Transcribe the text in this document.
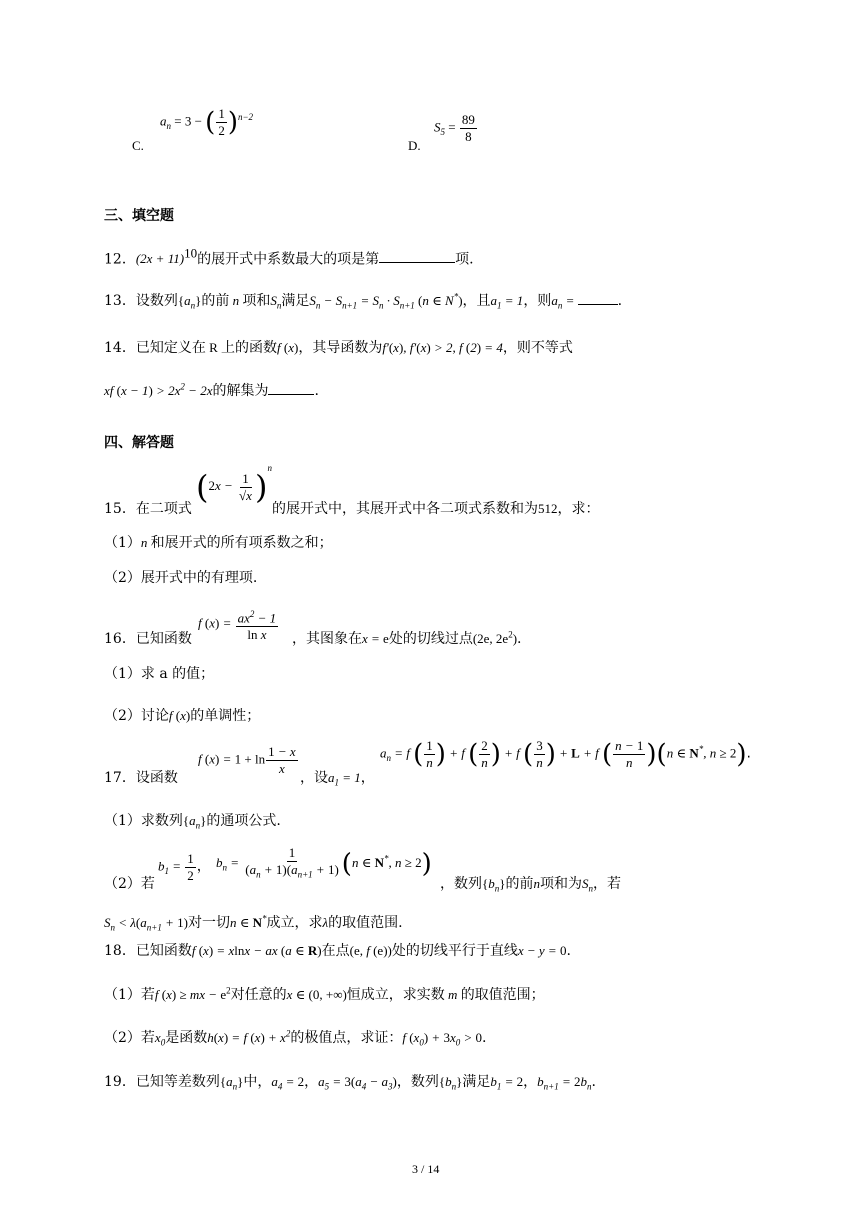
C.
$a_n = 3$ − ( $\frac{1}{2} )^{n-2}$
D.
$S_5 = \frac{89}{8}$
三、填空题
12．$(2x + 11)^{10}$的展开式中系数最大的项是第	项.
13．设数列$\{a_n\}$的前 n 项和$S_n$满足$S_n - S_{n+1} = S_n \cdot S_{n+1}$ (n ∈ N*)，且$a_1 = 1$，则$a_n$ =	.
14．已知定义在 R 上的函数f (x)，其导函数为f′(x), f′(x) > 2, f (2) = 4，则不等式
xf $(x - 1) > 2x^2 - 2x$的解集为	.
四、解答题
15．在二项式
$(2x - \frac{1}{√x} )^n$
的展开式中，其展开式中各二项式系数和为512，求：
（1）n 和展开式的所有项系数之和；
（2）展开式中的有理项.
16．已知函数
f $(x) = \frac{ax^2 - 1}{\text{ln x}}$ ，其图象在x = e处的切线过点(2e, $2e^2$).
（1）求 a 的值；
（2）讨论f (x)的单调性；
17．设函数
f $(x) = 1 + \ln \frac{1 - x}{x}$
，设$a_1 = 1$，
$a_n = f$ ( $\frac{1}{n}$ ) + f ( $\frac{2}{n}$ ) + f ( $\frac{3}{n}$ ) + L + f ( $\frac{n - 1}{n} )(n$ ∈ N*, n ≥ 2).
（1）求数列$\{a_n\}$的通项公式.
（2）若
$b_1 = \frac{1}{2}$ ， $b_n = \frac{1}{(a_n + 1)(a_{n+1} + 1)} (n$ ∈ N*, n ≥ 2)
，数列$\{b_n\}$的前n项和为$S_n$，若
$S_n < \lambda(a_{n+1} + 1)$对一切n ∈ N*成立，求λ的取值范围.
18．已知函数f (x) = xlnx − ax (a ∈ R)在点(e, f (e))处的切线平行于直线x − y = 0.
（1）若f (x) ≥ mx − $e^2$对任意的x ∈ (0, +∞)恒成立，求实数 m 的取值范围；
（2）若$x_0$是函数h(x) = f $(x) + x^2$的极值点，求证：f $(x_0) + 3x_0 > 0$.
19．已知等差数列$\{a_n\}$中，$a_4 = 2$，$a_5 = 3(a_4 - a_3)$，数列$\{b_n\}$满足$b_1 = 2$，$b_{n+1} = 2b_n$.
3 / 14
